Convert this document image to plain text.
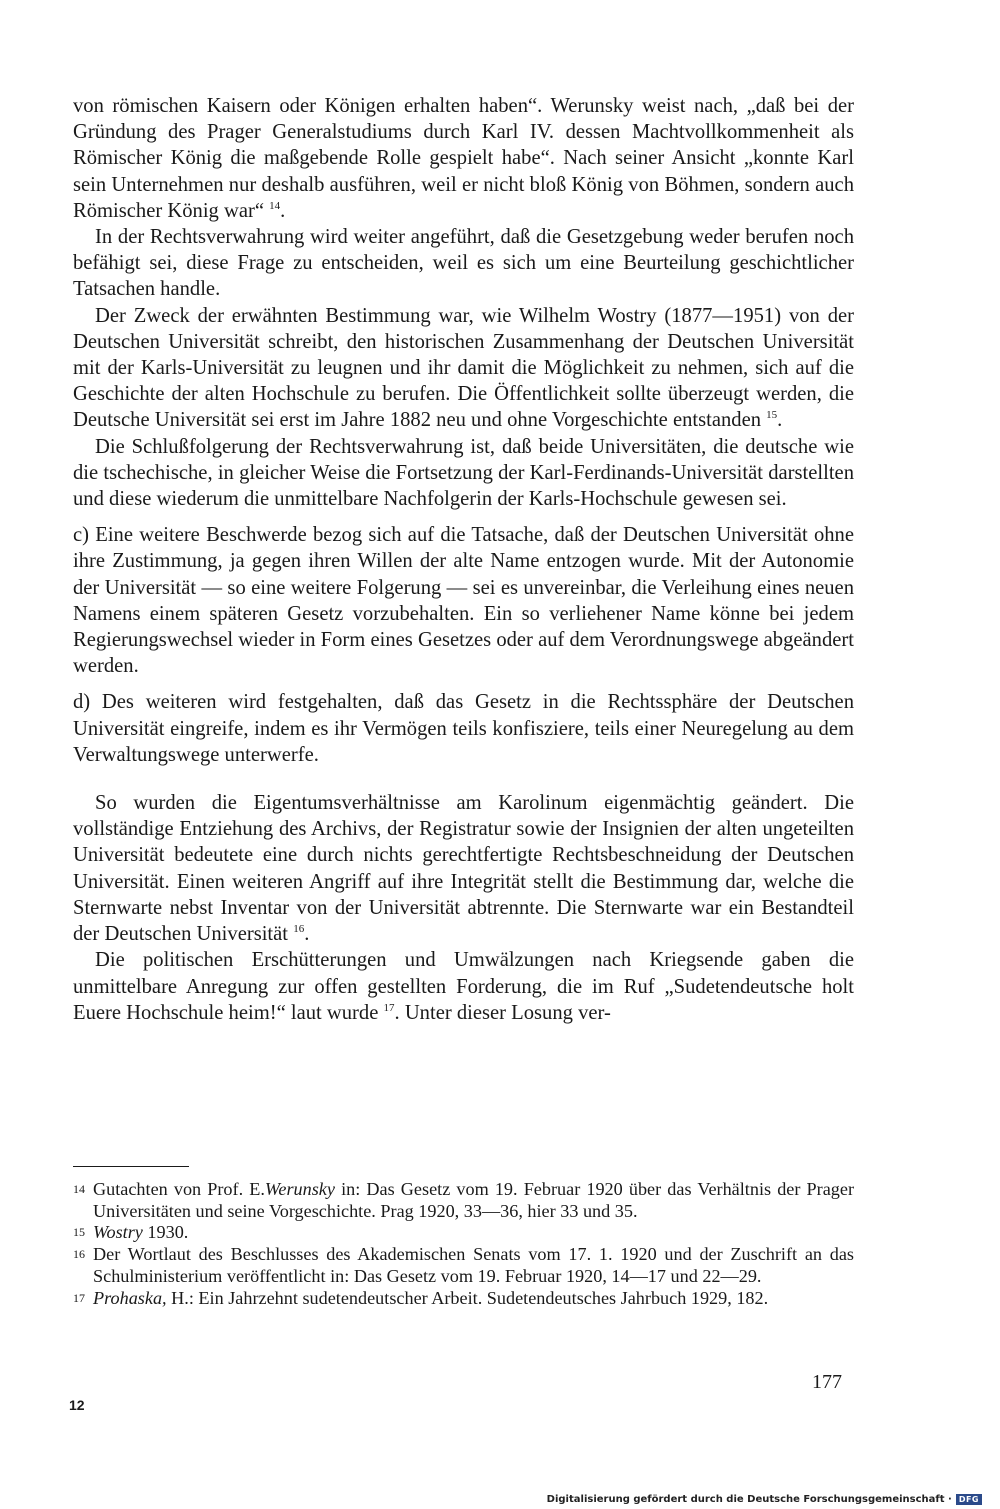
von römischen Kaisern oder Königen erhalten haben“. Werunsky weist nach, „daß bei der Gründung des Prager Generalstudiums durch Karl IV. dessen Machtvollkommenheit als Römischer König die maßgebende Rolle gespielt habe“. Nach seiner Ansicht „konnte Karl sein Unternehmen nur deshalb ausführen, weil er nicht bloß König von Böhmen, sondern auch Römischer König war“ $^{14}$.

In der Rechtsverwahrung wird weiter angeführt, daß die Gesetzgebung weder berufen noch befähigt sei, diese Frage zu entscheiden, weil es sich um eine Beurteilung geschichtlicher Tatsachen handle.

Der Zweck der erwähnten Bestimmung war, wie Wilhelm Wostry (1877—1951) von der Deutschen Universität schreibt, den historischen Zusammenhang der Deutschen Universität mit der Karls-Universität zu leugnen und ihr damit die Möglichkeit zu nehmen, sich auf die Geschichte der alten Hochschule zu berufen. Die Öffentlichkeit sollte überzeugt werden, die Deutsche Universität sei erst im Jahre 1882 neu und ohne Vorgeschichte entstanden $^{15}$.

Die Schlußfolgerung der Rechtsverwahrung ist, daß beide Universitäten, die deutsche wie die tschechische, in gleicher Weise die Fortsetzung der Karl-Ferdinands-Universität darstellten und diese wiederum die unmittelbare Nachfolgerin der Karls-Hochschule gewesen sei.

c) Eine weitere Beschwerde bezog sich auf die Tatsache, daß der Deutschen Universität ohne ihre Zustimmung, ja gegen ihren Willen der alte Name entzogen wurde. Mit der Autonomie der Universität — so eine weitere Folgerung — sei es unvereinbar, die Verleihung eines neuen Namens einem späteren Gesetz vorzubehalten. Ein so verliehener Name könne bei jedem Regierungswechsel wieder in Form eines Gesetzes oder auf dem Verordnungswege abgeändert werden.

d) Des weiteren wird festgehalten, daß das Gesetz in die Rechtssphäre der Deutschen Universität eingreife, indem es ihr Vermögen teils konfisziere, teils einer Neuregelung au dem Verwaltungswege unterwerfe.

So wurden die Eigentumsverhältnisse am Karolinum eigenmächtig geändert. Die vollständige Entziehung des Archivs, der Registratur sowie der Insignien der alten ungeteilten Universität bedeutete eine durch nichts gerechtfertigte Rechtsbeschneidung der Deutschen Universität. Einen weiteren Angriff auf ihre Integrität stellt die Bestimmung dar, welche die Sternwarte nebst Inventar von der Universität abtrennte. Die Sternwarte war ein Bestandteil der Deutschen Universität $^{16}$.

Die politischen Erschütterungen und Umwälzungen nach Kriegsende gaben die unmittelbare Anregung zur offen gestellten Forderung, die im Ruf „Sudetendeutsche holt Euere Hochschule heim!“ laut wurde $^{17}$. Unter dieser Losung ver-

14 Gutachten von Prof. E.Werunsky in: Das Gesetz vom 19. Februar 1920 über das Verhältnis der Prager Universitäten und seine Vorgeschichte. Prag 1920, 33—36, hier 33 und 35.
15 Wostry 1930.
16 Der Wortlaut des Beschlusses des Akademischen Senats vom 17. 1. 1920 und der Zuschrift an das Schulministerium veröffentlicht in: Das Gesetz vom 19. Februar 1920, 14—17 und 22—29.
17 Prohaska, H.: Ein Jahrzehnt sudetendeutscher Arbeit. Sudetendeutsches Jahrbuch 1929, 182.
177
12
Digitalisierung gefördert durch die Deutsche Forschungsgemeinschaft · DFG
